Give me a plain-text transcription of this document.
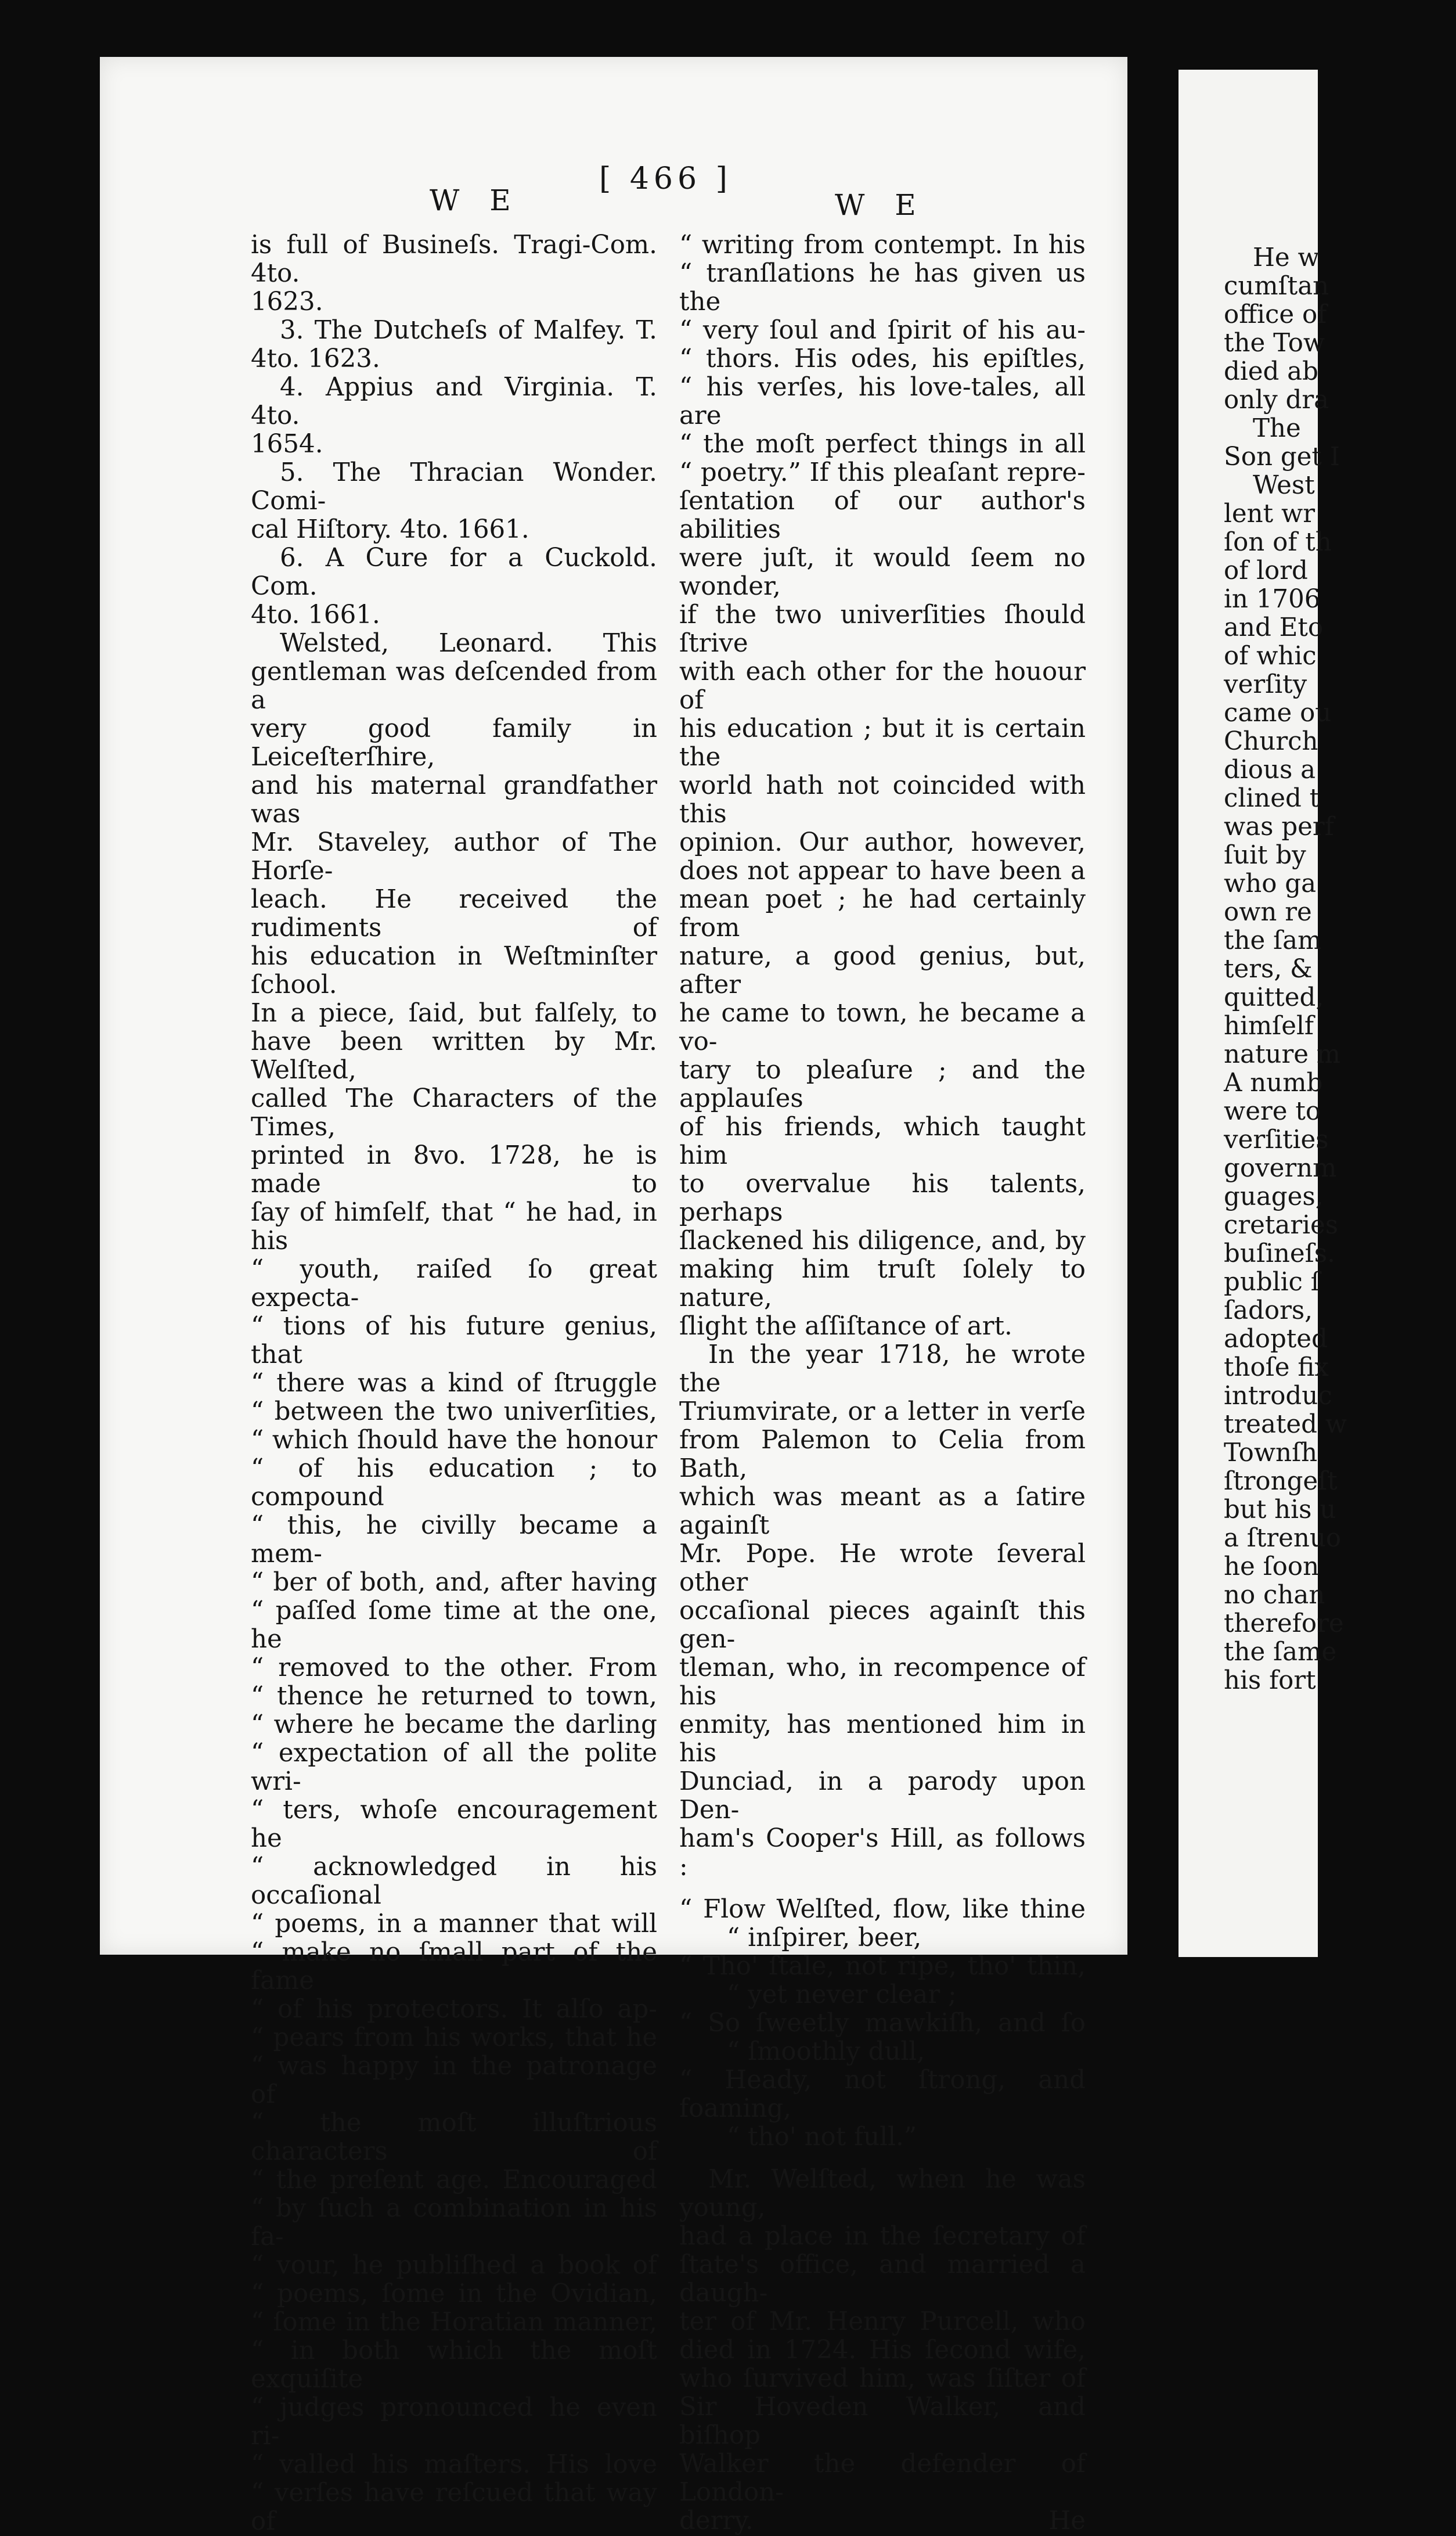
W E
[ 466 ]
W E

is full of Busineſs. Tragi-Com. 4to.

1623.

3. The Dutcheſs of Malfey. T.

4to. 1623.

4. Appius and Virginia. T. 4to.

1654.

5. The Thracian Wonder. Comi-

cal Hiſtory. 4to. 1661.

6. A Cure for a Cuckold. Com.

4to. 1661.

Welsted, Leonard. This

gentleman was deſcended from a

very good family in Leiceſterſhire,

and his maternal grandfather was

Mr. Staveley, author of The Horſe-

leach. He received the rudiments of

his education in Weſtminſter ſchool.

In a piece, ſaid, but falſely, to

have been written by Mr. Welſted,

called The Characters of the Times,

printed in 8vo. 1728, he is made to

ſay of himſelf, that “ he had, in his

“ youth, raiſed ſo great expecta-

“ tions of his future genius, that

“ there was a kind of ſtruggle

“ between the two univerſities,

“ which ſhould have the honour

“ of his education ; to compound

“ this, he civilly became a mem-

“ ber of both, and, after having

“ paſſed ſome time at the one, he

“ removed to the other. From

“ thence he returned to town,

“ where he became the darling

“ expectation of all the polite wri-

“ ters, whoſe encouragement he

“ acknowledged in his occaſional

“ poems, in a manner that will

“ make no ſmall part of the fame

“ of his protectors. It alſo ap-

“ pears from his works, that he

“ was happy in the patronage of

“ the moſt illuſtrious characters of

“ the preſent age. Encouraged

“ by ſuch a combination in his fa-

“ vour, he publiſhed a book of

“ poems, ſome in the Ovidian,

“ ſome in the Horatian manner,

“ in both which the moſt exquiſite

“ judges pronounced he even ri-

“ valled his maſters. His love

“ verſes have reſcued that way of

“ writing from contempt. In his

“ tranſlations he has given us the

“ very ſoul and ſpirit of his au-

“ thors. His odes, his epiſtles,

“ his verſes, his love-tales, all are

“ the moſt perfect things in all

“ poetry.” If this pleaſant repre-

ſentation of our author's abilities

were juſt, it would ſeem no wonder,

if the two univerſities ſhould ſtrive

with each other for the houour of

his education ; but it is certain the

world hath not coincided with this

opinion. Our author, however,

does not appear to have been a

mean poet ; he had certainly from

nature, a good genius, but, after

he came to town, he became a vo-

tary to pleaſure ; and the applauſes

of his friends, which taught him

to overvalue his talents, perhaps

ſlackened his diligence, and, by

making him truſt ſolely to nature,

ſlight the aſſiſtance of art.

In the year 1718, he wrote the

Triumvirate, or a letter in verſe

from Palemon to Celia from Bath,

which was meant as a ſatire againſt

Mr. Pope. He wrote ſeveral other

occaſional pieces againſt this gen-

tleman, who, in recompence of his

enmity, has mentioned him in his

Dunciad, in a parody upon Den-

ham's Cooper's Hill, as follows :

“ Flow Welſted, flow, like thine
“ inſpirer, beer,
“ Tho' ſtale, not ripe, tho' thin,
“ yet never clear ;
“ So ſweetly mawkiſh, and ſo
“ ſmoothly dull,
“ Heady, not ſtrong, and foaming,
“ tho' not full.”

Mr. Welſted, when he was young,

had a place in the ſecretary of

ſtate's office, and married a daugh-

ter of Mr. Henry Purcell, who

died in 1724. His ſecond wife,

who ſurvived him, was ſiſter of

Sir Hoveden Walker, and biſhop

Walker the defender of London-

derry.	He

He w
cumſtan
office of
the Tow
died ab
only dra
The
Son get I
West
lent wr
ſon of th
of lord
in 1706
and Eto
of whic
verſity
came ou
Church
dious a
clined t
was perf
ſuit by
who ga
own re
the ſam
ters, &
quitted,
himſelf
nature m
A numb
were to
verſities
governm
guages,
cretaries
buſineſs.
public ſ
ſadors,
adopted
thoſe fix
introduc
treated w
Townſh
ſtrongeſt
but his u
a ſtrenuo
he ſoon
no chan
therefore
the ſame
his fort
